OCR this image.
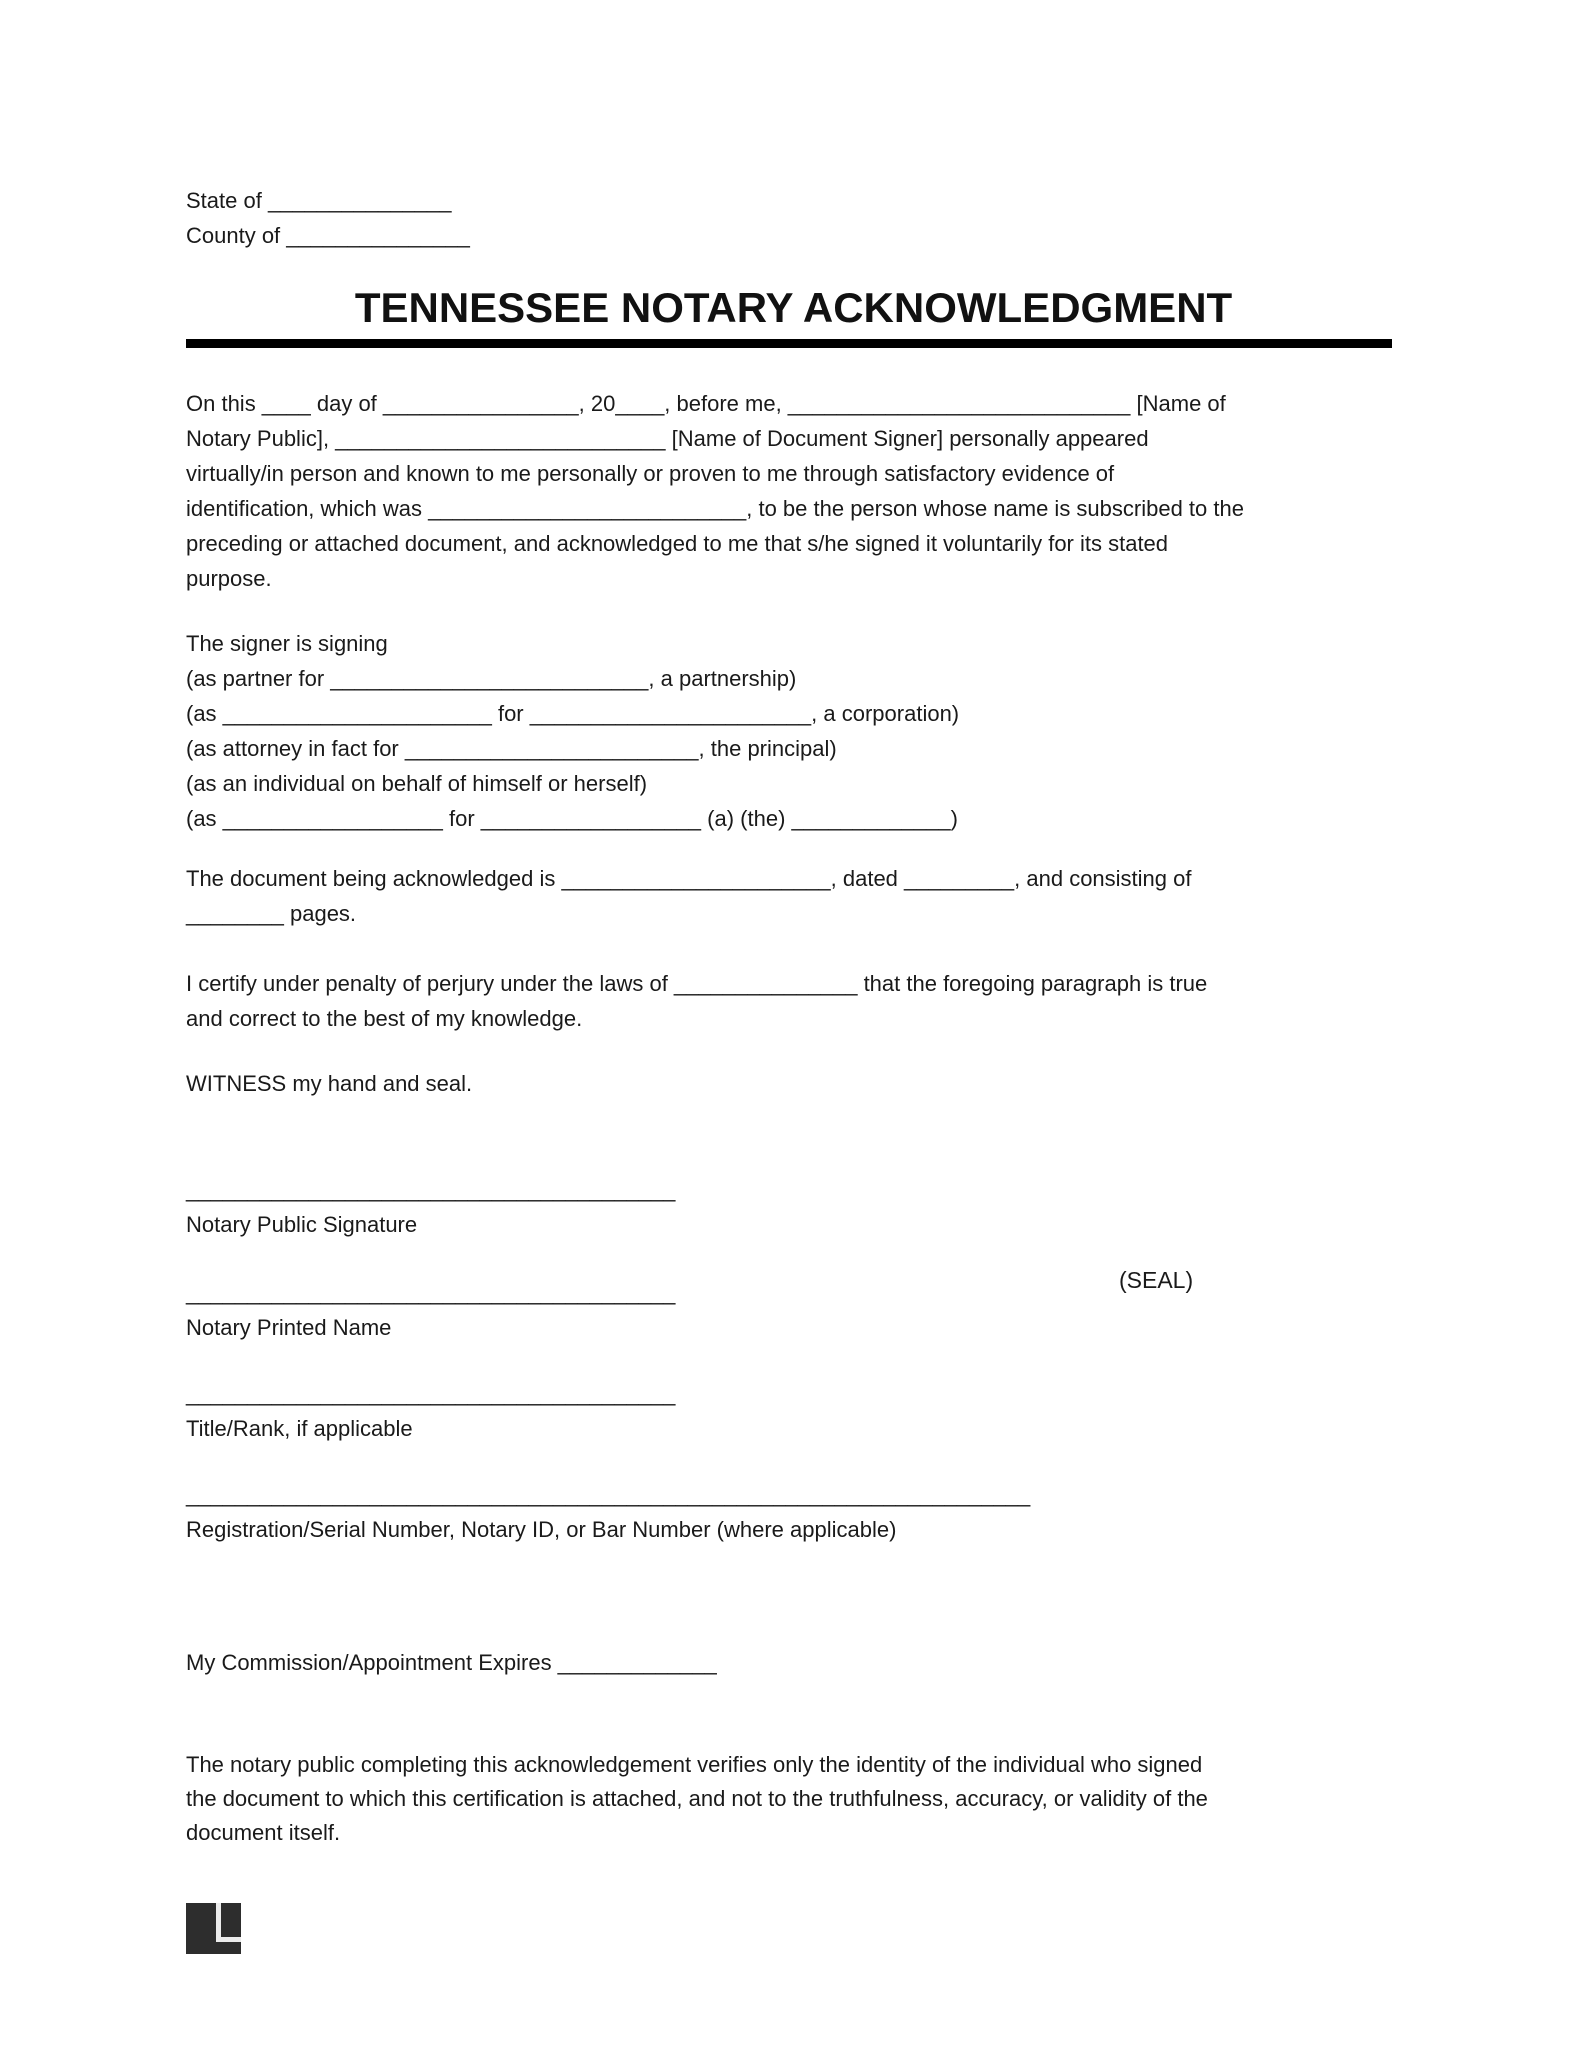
State of _______________
County of _______________
TENNESSEE NOTARY ACKNOWLEDGMENT
On this ____ day of ________________, 20____, before me, ____________________________ [Name of
Notary Public], ___________________________ [Name of Document Signer] personally appeared
virtually/in person and known to me personally or proven to me through satisfactory evidence of
identification, which was __________________________, to be the person whose name is subscribed to the
preceding or attached document, and acknowledged to me that s/he signed it voluntarily for its stated
purpose.
The signer is signing
(as partner for __________________________, a partnership)
(as ______________________ for _______________________, a corporation)
(as attorney in fact for ________________________, the principal)
(as an individual on behalf of himself or herself)
(as __________________ for __________________ (a) (the) _____________)
The document being acknowledged is ______________________, dated _________, and consisting of
________ pages.
I certify under penalty of perjury under the laws of _______________ that the foregoing paragraph is true
and correct to the best of my knowledge.
WITNESS my hand and seal.
________________________________________
Notary Public Signature
________________________________________
Notary Printed Name
(SEAL)
________________________________________
Title/Rank, if applicable
_____________________________________________________________________
Registration/Serial Number, Notary ID, or Bar Number (where applicable)
My Commission/Appointment Expires _____________
The notary public completing this acknowledgement verifies only the identity of the individual who signed
the document to which this certification is attached, and not to the truthfulness, accuracy, or validity of the
document itself.
